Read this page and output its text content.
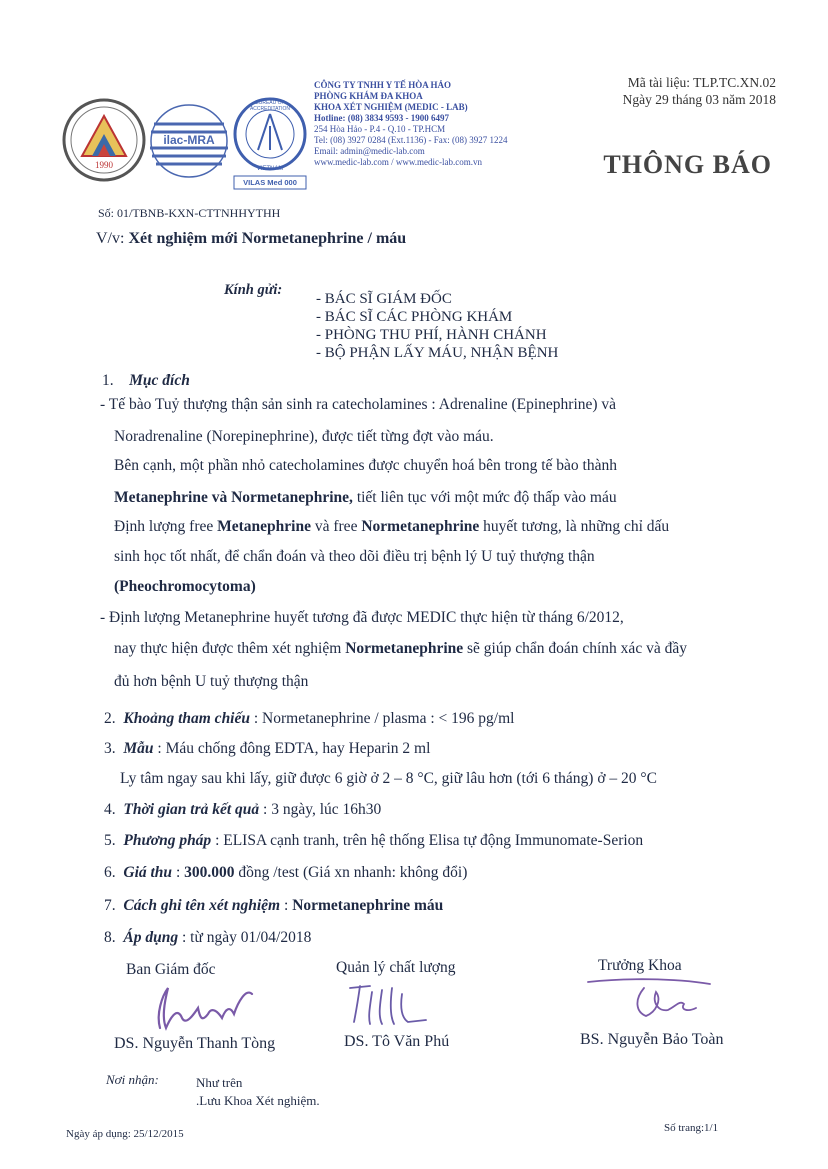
1990
ilac-MRA
BUREAU OF ACCREDITATION
VIETNAM
VILAS Med 000
CÔNG TY TNHH Y TẾ HÒA HẢO
PHÒNG KHÁM ĐA KHOA
KHOA XÉT NGHIỆM (MEDIC - LAB)
Hotline: (08) 3834 9593 - 1900 6497
254 Hòa Hảo - P.4 - Q.10 - TP.HCM
Tel: (08) 3927 0284 (Ext.1136) - Fax: (08) 3927 1224
Email: admin@medic-lab.com
www.medic-lab.com / www.medic-lab.com.vn
Mã tài liệu: TLP.TC.XN.02
Ngày 29 tháng 03 năm 2018
THÔNG BÁO
Số: 01/TBNB-KXN-CTTNHHYTHH
V/v: Xét nghiệm mới Normetanephrine / máu
Kính gửi:
- BÁC SĨ GIÁM ĐỐC
- BÁC SĨ CÁC PHÒNG KHÁM
- PHÒNG THU PHÍ, HÀNH CHÁNH
- BỘ PHẬN LẤY MÁU, NHẬN BỆNH
1. Mục đích
- Tế bào Tuỷ thượng thận sản sinh ra catecholamines : Adrenaline (Epinephrine) và
Noradrenaline (Norepinephrine), được tiết từng đợt vào máu.
Bên cạnh, một phần nhỏ catecholamines được chuyển hoá bên trong tế bào thành
Metanephrine và Normetanephrine, tiết liên tục với một mức độ thấp vào máu
Định lượng free Metanephrine và free Normetanephrine huyết tương, là những chỉ dấu
sinh học tốt nhất, để chẩn đoán và theo dõi điều trị bệnh lý U tuỷ thượng thận
(Pheochromocytoma)
- Định lượng Metanephrine huyết tương đã được MEDIC thực hiện từ tháng 6/2012,
nay thực hiện được thêm xét nghiệm Normetanephrine sẽ giúp chẩn đoán chính xác và đầy
đủ hơn bệnh U tuỷ thượng thận
2. Khoảng tham chiếu : Normetanephrine / plasma : < 196 pg/ml
3. Mẫu : Máu chống đông EDTA, hay Heparin 2 ml
Ly tâm ngay sau khi lấy, giữ được 6 giờ ở 2 – 8 °C, giữ lâu hơn (tới 6 tháng) ở – 20 °C
4. Thời gian trả kết quả : 3 ngày, lúc 16h30
5. Phương pháp : ELISA cạnh tranh, trên hệ thống Elisa tự động Immunomate-Serion
6. Giá thu : 300.000 đồng /test (Giá xn nhanh: không đổi)
7. Cách ghi tên xét nghiệm : Normetanephrine máu
8. Áp dụng : từ ngày 01/04/2018
Ban Giám đốc	Quản lý chất lượng	Trưởng Khoa
DS. Nguyễn Thanh Tòng	DS. Tô Văn Phú	BS. Nguyễn Bảo Toàn
Nơi nhận:	Như trên
.Lưu Khoa Xét nghiệm.
Ngày áp dụng: 25/12/2015	Số trang:1/1
